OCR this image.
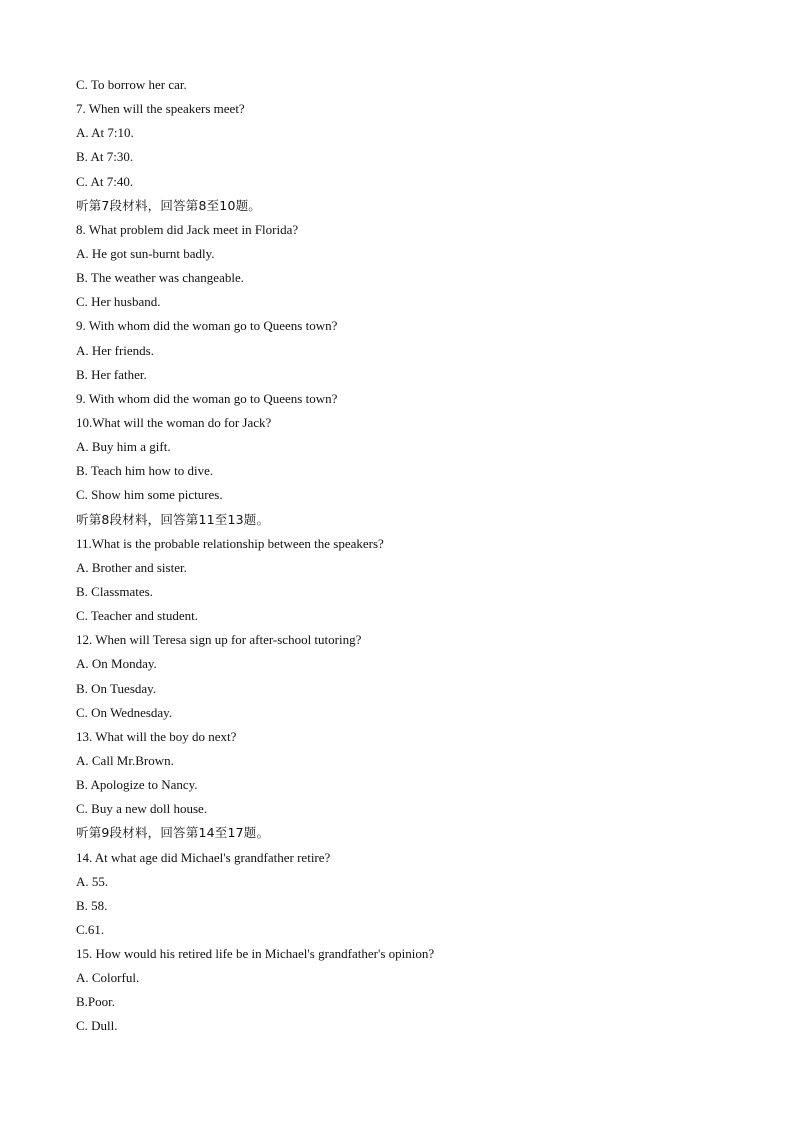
C. To borrow her car.
7. When will the speakers meet?
A. At 7:10.
B. At 7:30.
C. At 7:40.
听第7段材料，回答第8至10题。
8. What problem did Jack meet in Florida?
A. He got sun-burnt badly.
B. The weather was changeable.
C. Her husband.
9. With whom did the woman go to Queens town?
A. Her friends.
B. Her father.
9. With whom did the woman go to Queens town?
10.What will the woman do for Jack?
A. Buy him a gift.
B. Teach him how to dive.
C. Show him some pictures.
听第8段材料，回答第11至13题。
11.What is the probable relationship between the speakers?
A. Brother and sister.
B. Classmates.
C. Teacher and student.
12. When will Teresa sign up for after-school tutoring?
A. On Monday.
B. On Tuesday.
C. On Wednesday.
13. What will the boy do next?
A. Call Mr.Brown.
B. Apologize to Nancy.
C. Buy a new doll house.
听第9段材料，回答第14至17题。
14. At what age did Michael's grandfather retire?
A. 55.
B. 58.
C.61.
15. How would his retired life be in Michael's grandfather's opinion?
A. Colorful.
B.Poor.
C. Dull.
